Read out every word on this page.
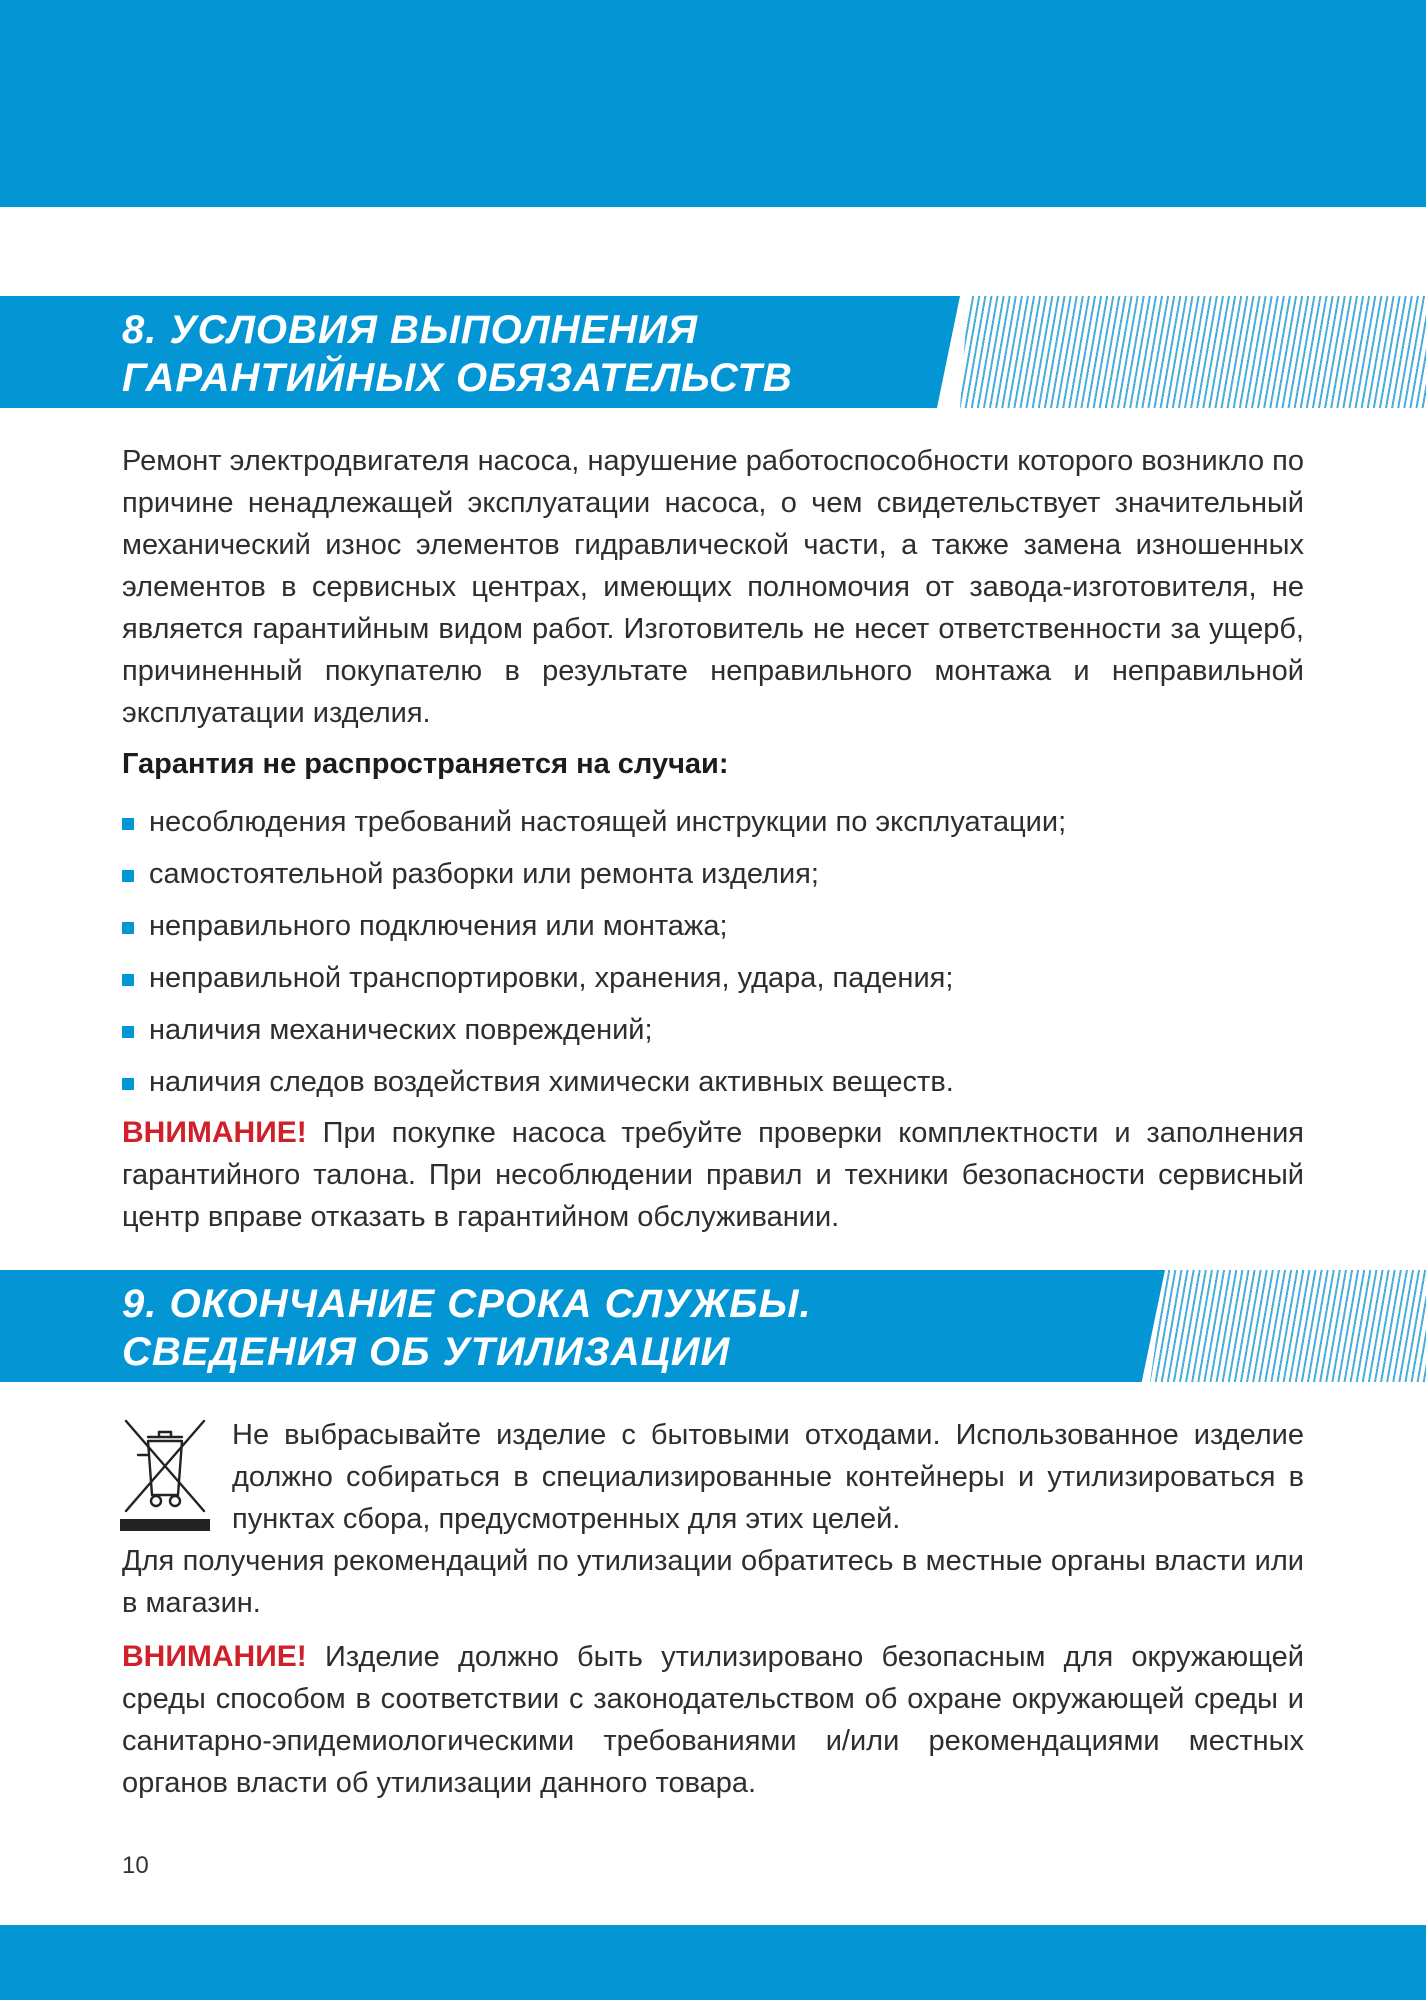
8. УСЛОВИЯ ВЫПОЛНЕНИЯ
ГАРАНТИЙНЫХ ОБЯЗАТЕЛЬСТВ

Ремонт электродвигателя насоса, нарушение работоспособности которого возникло по причине ненадлежащей эксплуатации насоса, о чем свидетельствует значительный механический износ элементов гидравлической части, а также замена изношенных элементов в сервисных центрах, имеющих полномочия от завода-изготовителя, не является гарантийным видом работ. Изготовитель не несет ответственности за ущерб, причиненный покупателю в результате неправильного монтажа и неправильной эксплуатации изделия.

Гарантия не распространяется на случаи:

несоблюдения требований настоящей инструкции по эксплуатации;
самостоятельной разборки или ремонта изделия;
неправильного подключения или монтажа;
неправильной транспортировки, хранения, удара, падения;
наличия механических повреждений;
наличия следов воздействия химически активных веществ.

ВНИМАНИЕ! При покупке насоса требуйте проверки комплектности и заполнения гарантийного талона. При несоблюдении правил и техники безопасности сервисный центр вправе отказать в гарантийном обслуживании.

9. ОКОНЧАНИЕ СРОКА СЛУЖБЫ.
СВЕДЕНИЯ ОБ УТИЛИЗАЦИИ

Не выбрасывайте изделие с бытовыми отходами. Использованное изделие должно собираться в специализированные контейнеры и утилизироваться в пунктах сбора, предусмотренных для этих целей.

Для получения рекомендаций по утилизации обратитесь в местные органы власти или в магазин.

ВНИМАНИЕ! Изделие должно быть утилизировано безопасным для окружающей среды способом в соответствии с законодательством об охране окружающей среды и санитарно-эпидемиологическими требованиями и/или рекомендациями местных органов власти об утилизации данного товара.

10
